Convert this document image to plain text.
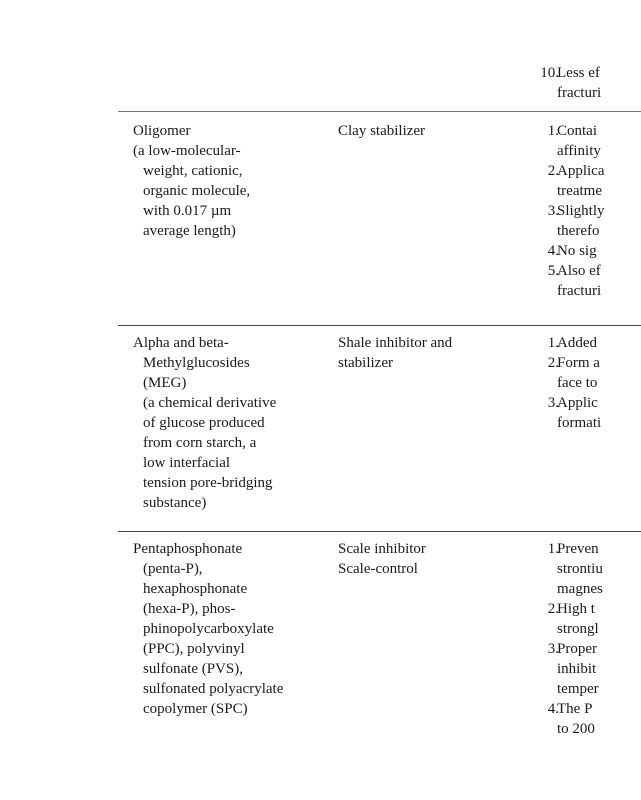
10.
Less ef
fracturi
Oligomer
(a low-molecular-
weight, cationic,
organic molecule,
with 0.017 µm
average length)
Clay stabilizer	1.
Contai
affinity
2.
Applica
treatme
3.
Slightly
therefo
4.
No sig
5.
Also ef
fracturi
Alpha and beta-
Methylglucosides
(MEG)
(a chemical derivative
of glucose produced
from corn starch, a
low interfacial
tension pore-bridging
substance)
Shale inhibitor and
stabilizer
1.
Added
2.
Form a
face to
3.
Applic
formati
Pentaphosphonate
(penta-P),
hexaphosphonate
(hexa-P), phos-
phinopolycarboxylate
(PPC), polyvinyl
sulfonate (PVS),
sulfonated polyacrylate
copolymer (SPC)
Scale inhibitor
Scale-control
1.
Preven
strontiu
magnes
2.
High t
strongl
3.
Proper
inhibit
temper
4.
The P
to 200
